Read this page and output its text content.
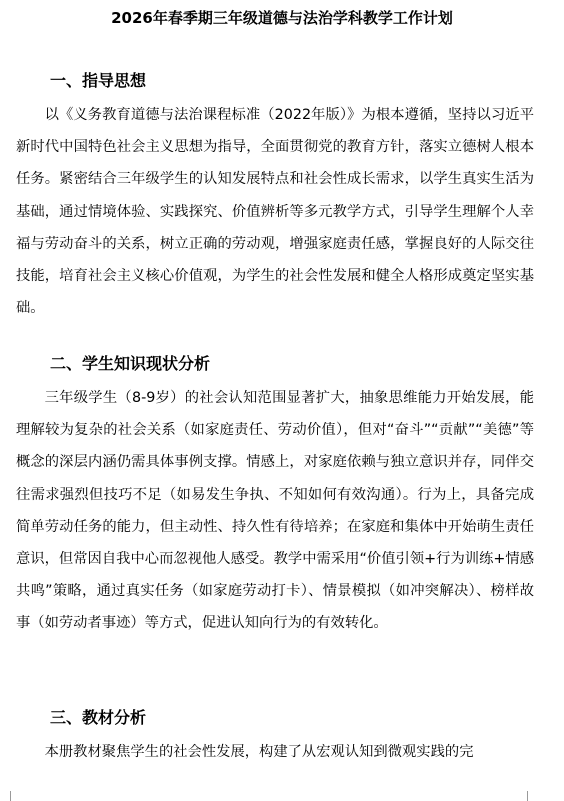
2026年春季期三年级道德与法治学科教学工作计划
一、指导思想

以《义务教育道德与法治课程标准（2022年版）》为根本遵循，坚持以习近平新时代中国特色社会主义思想为指导，全面贯彻党的教育方针，落实立德树人根本任务。紧密结合三年级学生的认知发展特点和社会性成长需求，以学生真实生活为基础，通过情境体验、实践探究、价值辨析等多元教学方式，引导学生理解个人幸福与劳动奋斗的关系，树立正确的劳动观，增强家庭责任感，掌握良好的人际交往技能，培育社会主义核心价值观，为学生的社会性发展和健全人格形成奠定坚实基础。

二、学生知识现状分析

三年级学生（8-9岁）的社会认知范围显著扩大，抽象思维能力开始发展，能理解较为复杂的社会关系（如家庭责任、劳动价值），但对“奋斗”“贡献”“美德”等概念的深层内涵仍需具体事例支撑。情感上，对家庭依赖与独立意识并存，同伴交往需求强烈但技巧不足（如易发生争执、不知如何有效沟通）。行为上，具备完成简单劳动任务的能力，但主动性、持久性有待培养；在家庭和集体中开始萌生责任意识，但常因自我中心而忽视他人感受。教学中需采用“价值引领+行为训练+情感共鸣”策略，通过真实任务（如家庭劳动打卡）、情景模拟（如冲突解决）、榜样故事（如劳动者事迹）等方式，促进认知向行为的有效转化。

三、教材分析

本册教材聚焦学生的社会性发展，构建了从宏观认知到微观实践的完
